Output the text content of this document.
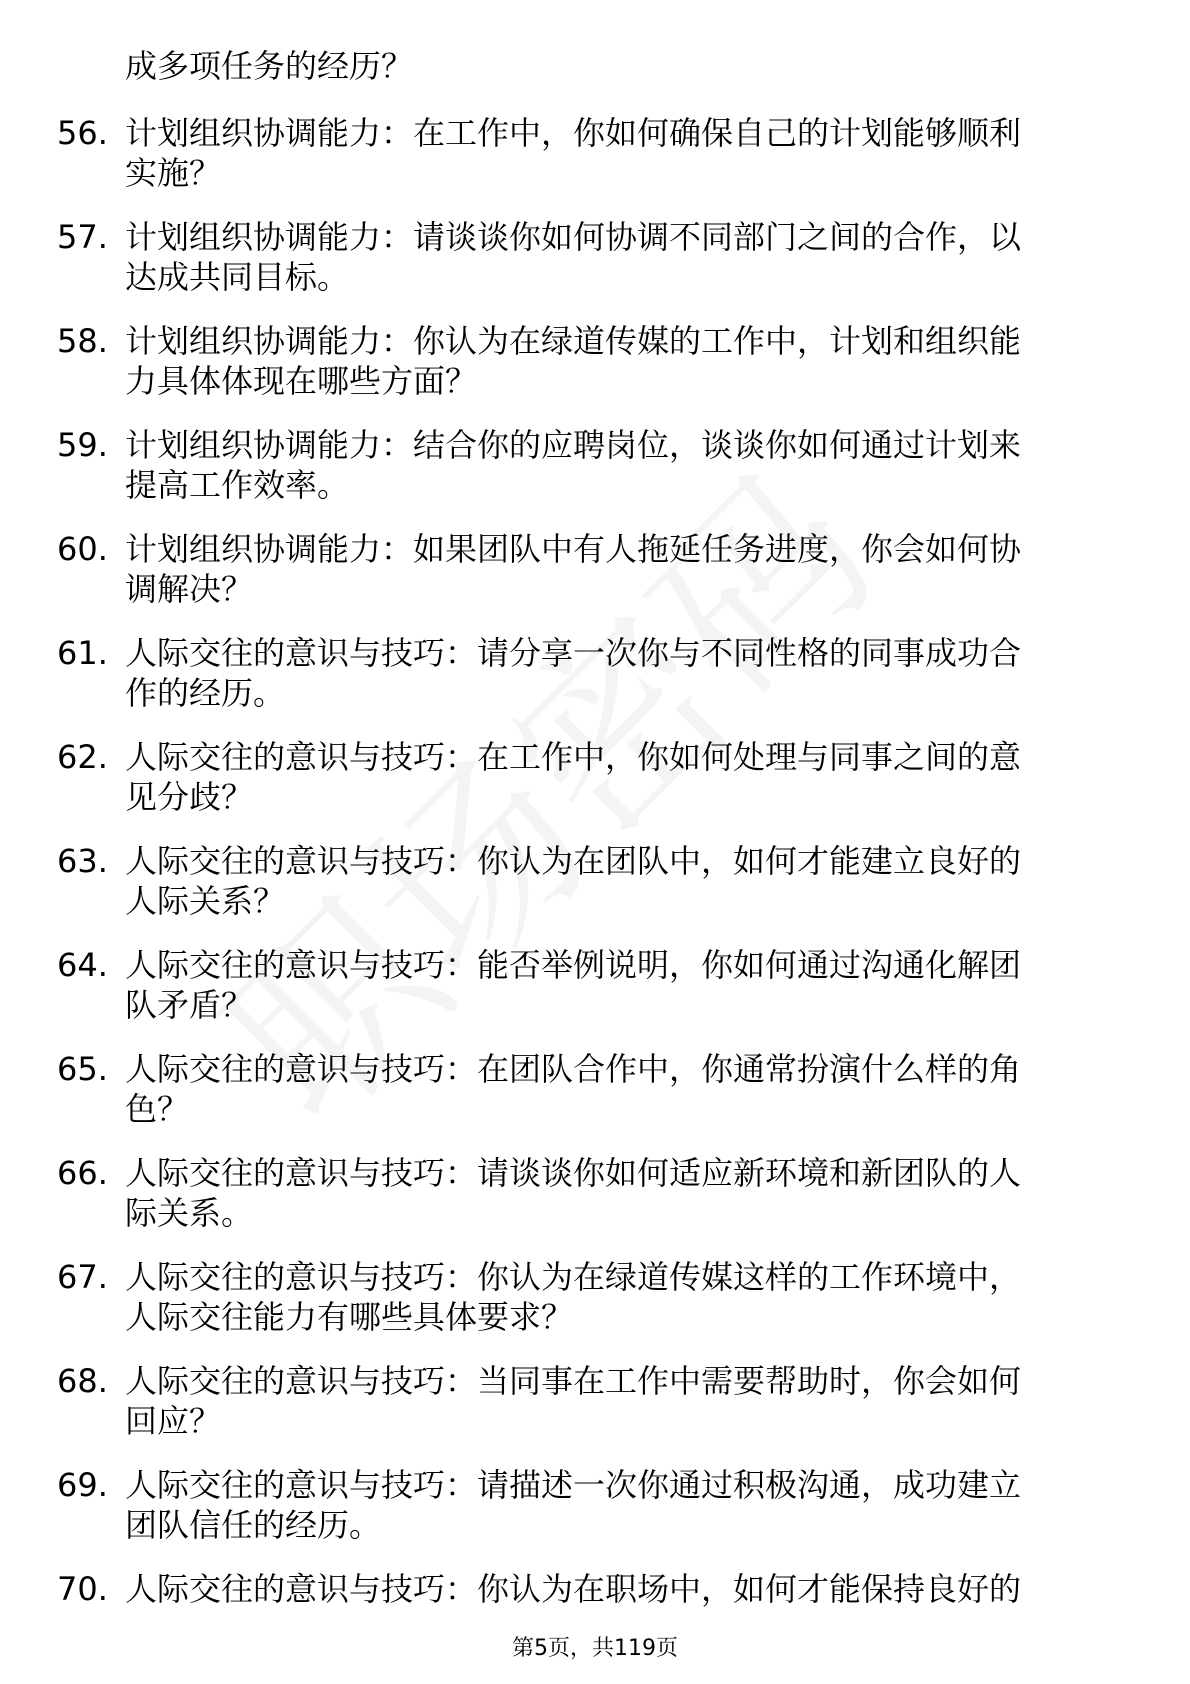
成多项任务的经历？
56. 计划组织协调能力：在工作中，你如何确保自己的计划能够顺利
实施？
57. 计划组织协调能力：请谈谈你如何协调不同部门之间的合作，以
达成共同目标。
58. 计划组织协调能力：你认为在绿道传媒的工作中，计划和组织能
力具体体现在哪些方面？
59. 计划组织协调能力：结合你的应聘岗位，谈谈你如何通过计划来
提高工作效率。
60. 计划组织协调能力：如果团队中有人拖延任务进度，你会如何协
调解决？
61. 人际交往的意识与技巧：请分享一次你与不同性格的同事成功合
作的经历。
62. 人际交往的意识与技巧：在工作中，你如何处理与同事之间的意
见分歧？
63. 人际交往的意识与技巧：你认为在团队中，如何才能建立良好的
人际关系？
64. 人际交往的意识与技巧：能否举例说明，你如何通过沟通化解团
队矛盾？
65. 人际交往的意识与技巧：在团队合作中，你通常扮演什么样的角
色？
66. 人际交往的意识与技巧：请谈谈你如何适应新环境和新团队的人
际关系。
67. 人际交往的意识与技巧：你认为在绿道传媒这样的工作环境中，
人际交往能力有哪些具体要求？
68. 人际交往的意识与技巧：当同事在工作中需要帮助时，你会如何
回应？
69. 人际交往的意识与技巧：请描述一次你通过积极沟通，成功建立
团队信任的经历。
70. 人际交往的意识与技巧：你认为在职场中，如何才能保持良好的
第5页，共119页
